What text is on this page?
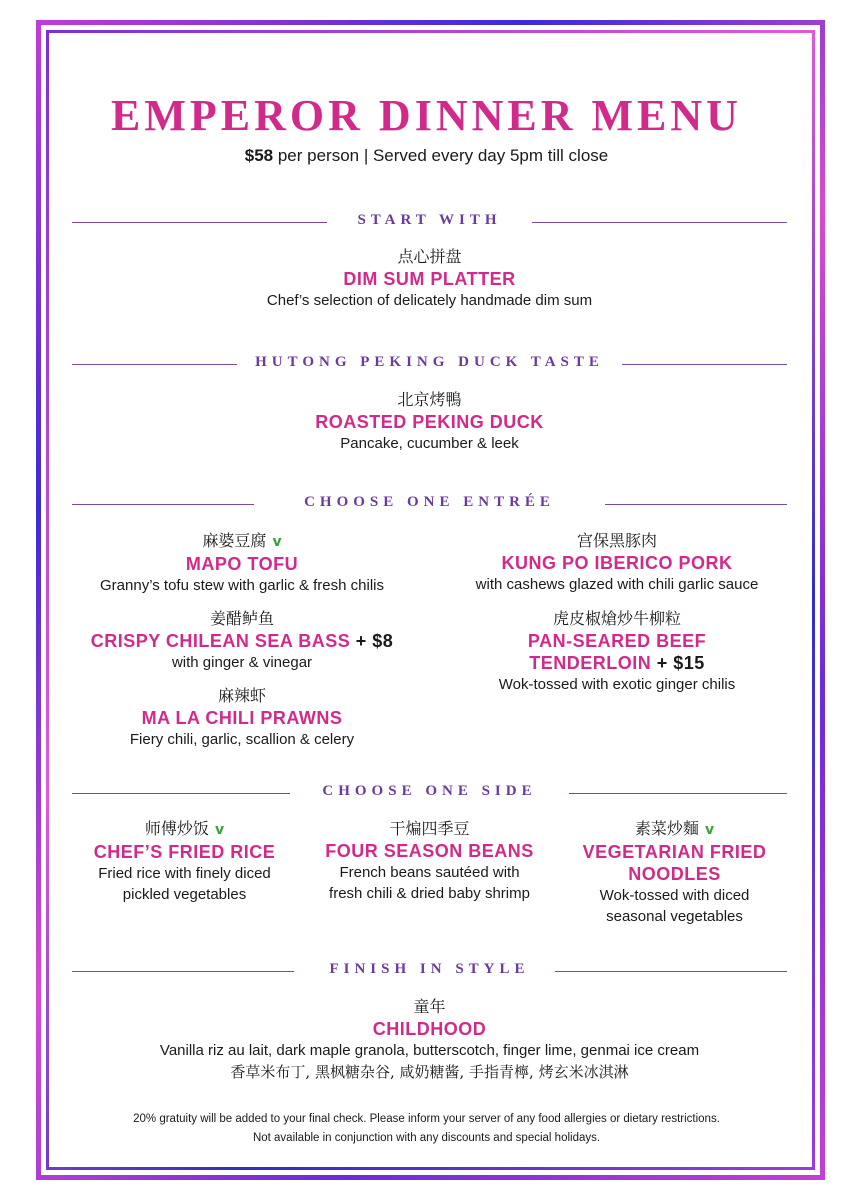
EMPEROR DINNER MENU
$58 per person | Served every day 5pm till close
START WITH
点心拼盘
DIM SUM PLATTER
Chef’s selection of delicately handmade dim sum
HUTONG PEKING DUCK TASTE
北京烤鴨
ROASTED PEKING DUCK
Pancake, cucumber & leek
CHOOSE ONE ENTRÉE
麻婆豆腐 v
MAPO TOFU
Granny’s tofu stew with garlic & fresh chilis
姜醋鲈鱼
CRISPY CHILEAN SEA BASS + $8
with ginger & vinegar
麻辣虾
MA LA CHILI PRAWNS
Fiery chili, garlic, scallion & celery
宫保黑豚肉
KUNG PO IBERICO PORK
with cashews glazed with chili garlic sauce
虎皮椒熗炒牛柳粒
PAN-SEARED BEEF
TENDERLOIN + $15
Wok-tossed with exotic ginger chilis
CHOOSE ONE SIDE
师傅炒饭 v
CHEF’S FRIED RICE
Fried rice with finely diced
pickled vegetables
干煸四季豆
FOUR SEASON BEANS
French beans sautéed with
fresh chili & dried baby shrimp
素菜炒麵 v
VEGETARIAN FRIED
NOODLES
Wok-tossed with diced
seasonal vegetables
FINISH IN STYLE
童年
CHILDHOOD
Vanilla riz au lait, dark maple granola, butterscotch, finger lime, genmai ice cream
香草米布丁, 黑枫糖杂谷, 咸奶糖酱, 手指青檸, 烤玄米冰淇淋
20% gratuity will be added to your final check. Please inform your server of any food allergies or dietary restrictions.
Not available in conjunction with any discounts and special holidays.
